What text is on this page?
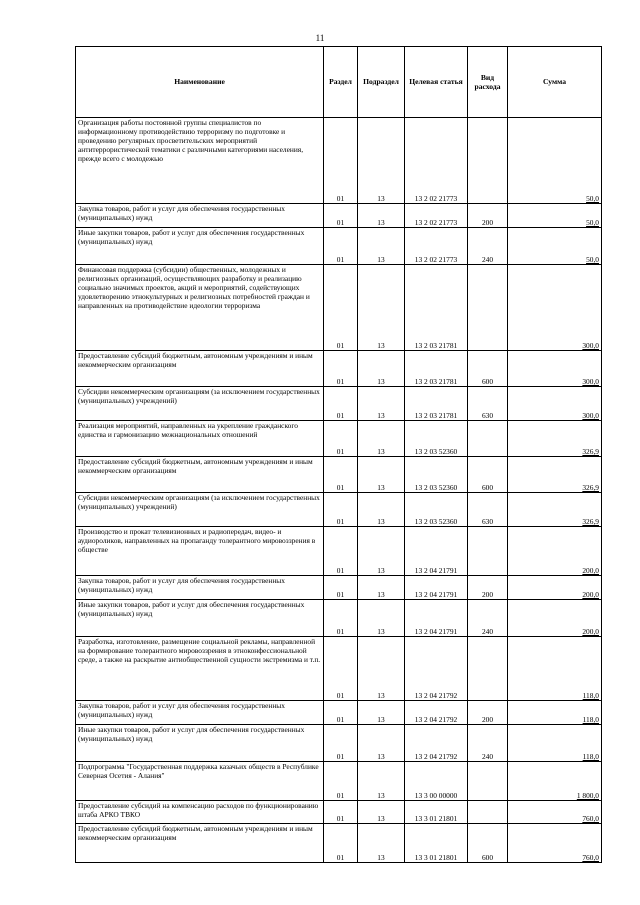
11
Наименование	Раздел	Подраздел	Целевая статья	Вид расхода	Сумма
Организация работы постоянной группы специалистов по информационному противодействию терроризму по подготовке и проведению регулярных просветительских мероприятий антитеррористической тематики с различными категориями населения, прежде всего с молодежью	01	13	13 2 02 21773		50,0
Закупка товаров, работ и услуг для обеспечения государственных (муниципальных) нужд	01	13	13 2 02 21773	200	50,0
Иные закупки товаров, работ и услуг для обеспечения государственных (муниципальных) нужд	01	13	13 2 02 21773	240	50,0
Финансовая поддержка (субсидии) общественных, молодежных и религиозных организаций, осуществляющих разработку и реализацию социально значимых проектов, акций и мероприятий, содействующих удовлетворению этнокультурных и религиозных потребностей граждан и направленных на противодействие идеологии терроризма	01	13	13 2 03 21781		300,0
Предоставление субсидий бюджетным, автономным учреждениям и иным некоммерческим организациям	01	13	13 2 03 21781	600	300,0
Субсидии некоммерческим организациям (за исключением государственных (муниципальных) учреждений)	01	13	13 2 03 21781	630	300,0
Реализация мероприятий, направленных на укрепление гражданского единства и гармонизацию межнациональных отношений	01	13	13 2 03 52360		326,9
Предоставление субсидий бюджетным, автономным учреждениям и иным некоммерческим организациям	01	13	13 2 03 52360	600	326,9
Субсидии некоммерческим организациям (за исключением государственных (муниципальных) учреждений)	01	13	13 2 03 52360	630	326,9
Производство и прокат телевизионных и радиопередач, видео- и аудиороликов, направленных на пропаганду толерантного мировоззрения в обществе	01	13	13 2 04 21791		200,0
Закупка товаров, работ и услуг для обеспечения государственных (муниципальных) нужд	01	13	13 2 04 21791	200	200,0
Иные закупки товаров, работ и услуг для обеспечения государственных (муниципальных) нужд	01	13	13 2 04 21791	240	200,0
Разработка, изготовление, размещение социальной рекламы, направленной на формирование толерантного мировоззрения в этноконфессиональной среде, а также на раскрытие антиобщественной сущности экстремизма и т.п.	01	13	13 2 04 21792		118,0
Закупка товаров, работ и услуг для обеспечения государственных (муниципальных) нужд	01	13	13 2 04 21792	200	118,0
Иные закупки товаров, работ и услуг для обеспечения государственных (муниципальных) нужд	01	13	13 2 04 21792	240	118,0
Подпрограмма "Государственная поддержка казачьих обществ в Республике Северная Осетия - Алания"	01	13	13 3 00 00000		1 800,0
Предоставление субсидий на компенсацию расходов по функционированию штаба АРКО ТВКО	01	13	13 3 01 21801		760,0
Предоставление субсидий бюджетным, автономным учреждениям и иным некоммерческим организациям	01	13	13 3 01 21801	600	760,0
